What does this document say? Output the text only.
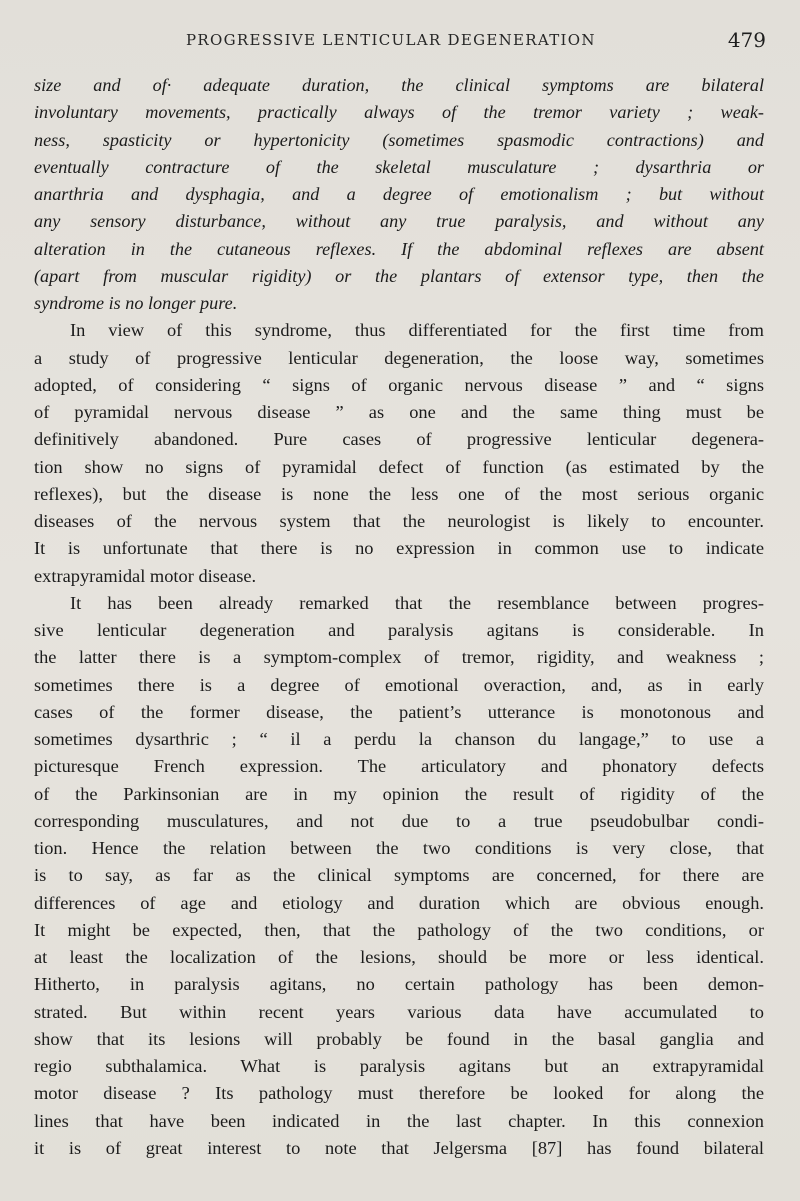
PROGRESSIVE LENTICULAR DEGENERATION	479
size and of· adequate duration, the clinical symptoms are bilateral
involuntary movements, practically always of the tremor variety ; weak-
ness, spasticity or hypertonicity (sometimes spasmodic contractions) and
eventually contracture of the skeletal musculature ; dysarthria or
anarthria and dysphagia, and a degree of emotionalism ; but without
any sensory disturbance, without any true paralysis, and without any
alteration in the cutaneous reflexes. If the abdominal reflexes are absent
(apart from muscular rigidity) or the plantars of extensor type, then the
syndrome is no longer pure.
In view of this syndrome, thus differentiated for the first time from
a study of progressive lenticular degeneration, the loose way, sometimes
adopted, of considering “ signs of organic nervous disease ” and “ signs
of pyramidal nervous disease ” as one and the same thing must be
definitively abandoned. Pure cases of progressive lenticular degenera-
tion show no signs of pyramidal defect of function (as estimated by the
reflexes), but the disease is none the less one of the most serious organic
diseases of the nervous system that the neurologist is likely to encounter.
It is unfortunate that there is no expression in common use to indicate
extrapyramidal motor disease.
It has been already remarked that the resemblance between progres-
sive lenticular degeneration and paralysis agitans is considerable. In
the latter there is a symptom-complex of tremor, rigidity, and weakness ;
sometimes there is a degree of emotional overaction, and, as in early
cases of the former disease, the patient’s utterance is monotonous and
sometimes dysarthric ; “ il a perdu la chanson du langage,” to use a
picturesque French expression. The articulatory and phonatory defects
of the Parkinsonian are in my opinion the result of rigidity of the
corresponding musculatures, and not due to a true pseudobulbar condi-
tion. Hence the relation between the two conditions is very close, that
is to say, as far as the clinical symptoms are concerned, for there are
differences of age and etiology and duration which are obvious enough.
It might be expected, then, that the pathology of the two conditions, or
at least the localization of the lesions, should be more or less identical.
Hitherto, in paralysis agitans, no certain pathology has been demon-
strated. But within recent years various data have accumulated to
show that its lesions will probably be found in the basal ganglia and
regio subthalamica. What is paralysis agitans but an extrapyramidal
motor disease ? Its pathology must therefore be looked for along the
lines that have been indicated in the last chapter. In this connexion
it is of great interest to note that Jelgersma [87] has found bilateral
